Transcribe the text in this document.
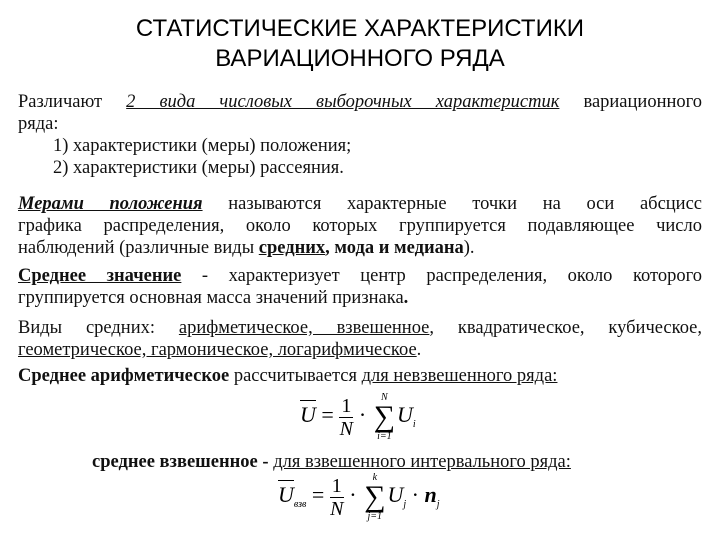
СТАТИСТИЧЕСКИЕ ХАРАКТЕРИСТИКИ
ВАРИАЦИОННОГО РЯДА
Различают 2 вида числовых выборочных характеристик вариационного
ряда:
1) характеристики (меры) положения;
2) характеристики (меры) рассеяния.
Мерами положения называются характерные точки на оси абсцисс
графика распределения, около которых группируется подавляющее число
наблюдений (различные виды средних, мода и медиана).
Среднее значение - характеризует центр распределения, около которого
группируется основная масса значений признака.
Виды средних: арифметическое, взвешенное, квадратическое, кубическое,
геометрическое, гармоническое, логарифмическое.
Среднее арифметическое рассчитывается для невзвешенного ряда:
$U = \frac{1}{N}$ ·
N
∑
i=1
$U_i$
среднее взвешенное - для взвешенного интервального ряда:
$U_{взв} = \frac{1}{N}$ ·
k
∑
j=1
$U_j \cdot n_j$
